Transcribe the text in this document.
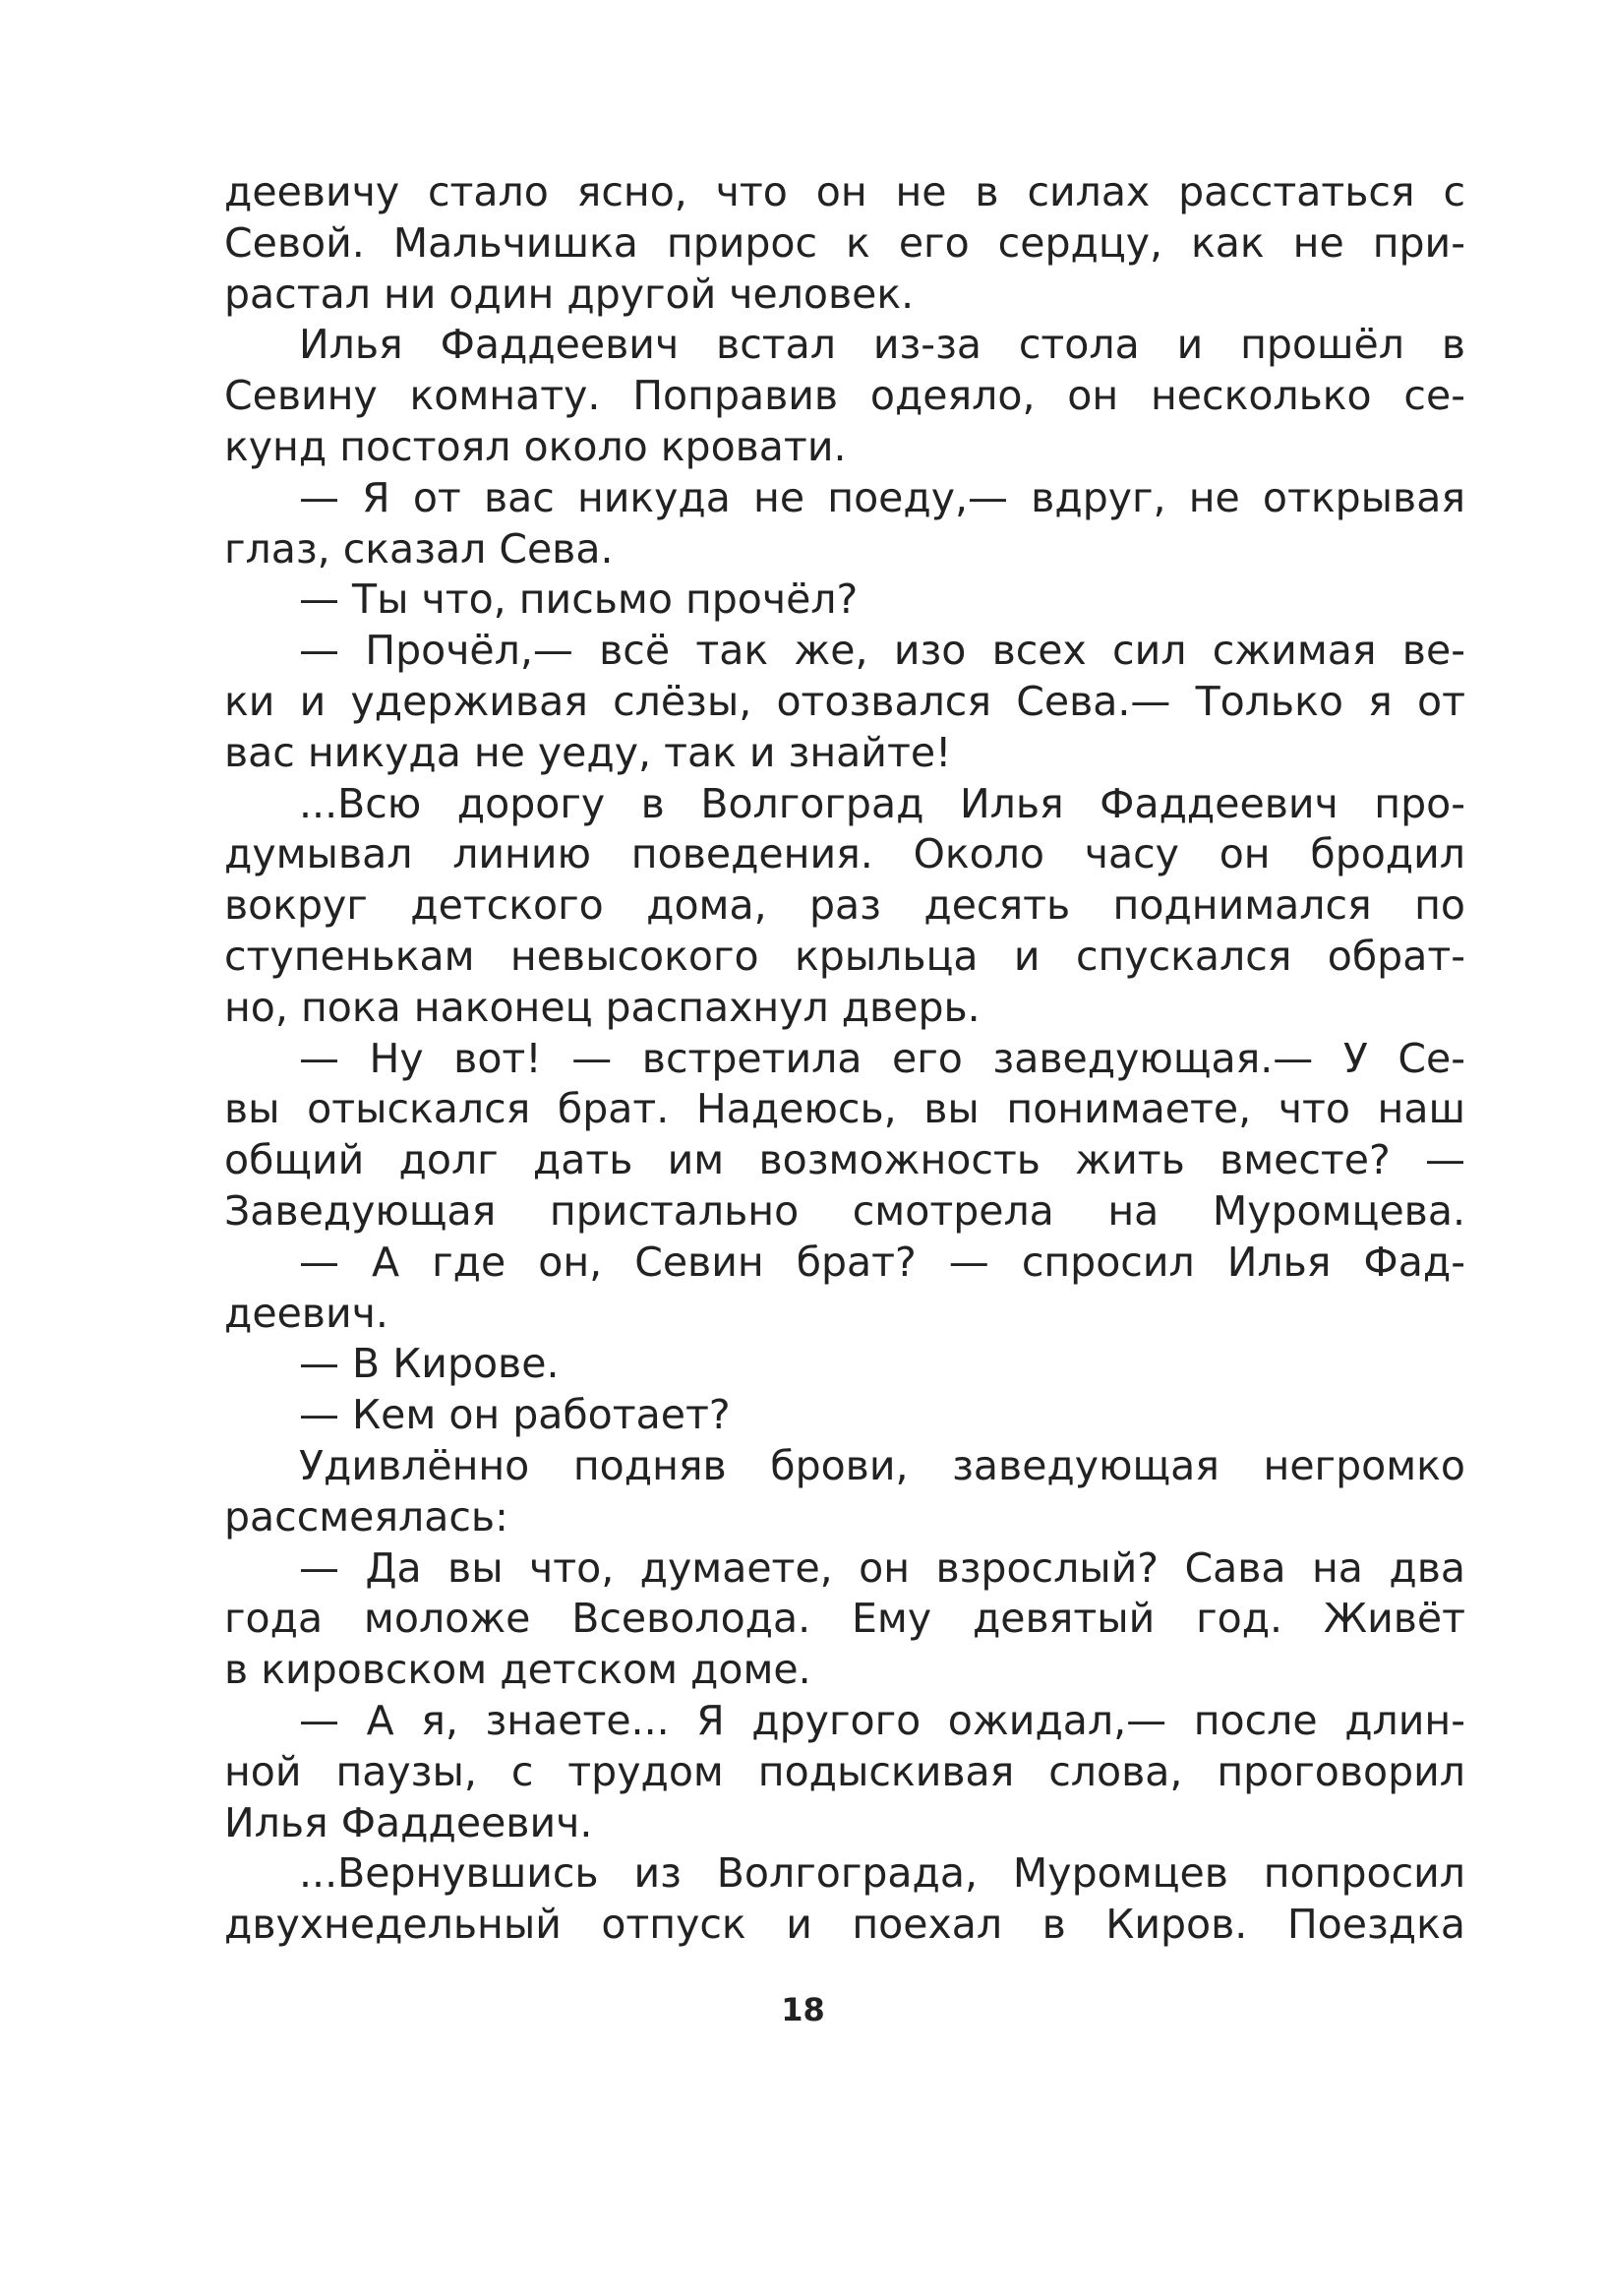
деевичу стало ясно, что он не в силах расстаться с
Севой. Мальчишка прирос к его сердцу, как не при-
растал ни один другой человек.
Илья Фаддеевич встал из-за стола и прошёл в
Севину комнату. Поправив одеяло, он несколько се-
кунд постоял около кровати.
— Я от вас никуда не поеду,— вдруг, не открывая
глаз, сказал Сева.
— Ты что, письмо прочёл?
— Прочёл,— всё так же, изо всех сил сжимая ве-
ки и удерживая слёзы, отозвался Сева.— Только я от
вас никуда не уеду, так и знайте!
...Всю дорогу в Волгоград Илья Фаддеевич про-
думывал линию поведения. Около часу он бродил
вокруг детского дома, раз десять поднимался по
ступенькам невысокого крыльца и спускался обрат-
но, пока наконец распахнул дверь.
— Ну вот! — встретила его заведующая.— У Се-
вы отыскался брат. Надеюсь, вы понимаете, что наш
общий долг дать им возможность жить вместе? —
Заведующая пристально смотрела на Муромцева.
— А где он, Севин брат? — спросил Илья Фад-
деевич.
— В Кирове.
— Кем он работает?
Удивлённо подняв брови, заведующая негромко
рассмеялась:
— Да вы что, думаете, он взрослый? Сава на два
года моложе Всеволода. Ему девятый год. Живёт
в кировском детском доме.
— А я, знаете... Я другого ожидал,— после длин-
ной паузы, с трудом подыскивая слова, проговорил
Илья Фаддеевич.
...Вернувшись из Волгограда, Муромцев попросил
двухнедельный отпуск и поехал в Киров. Поездка
18
